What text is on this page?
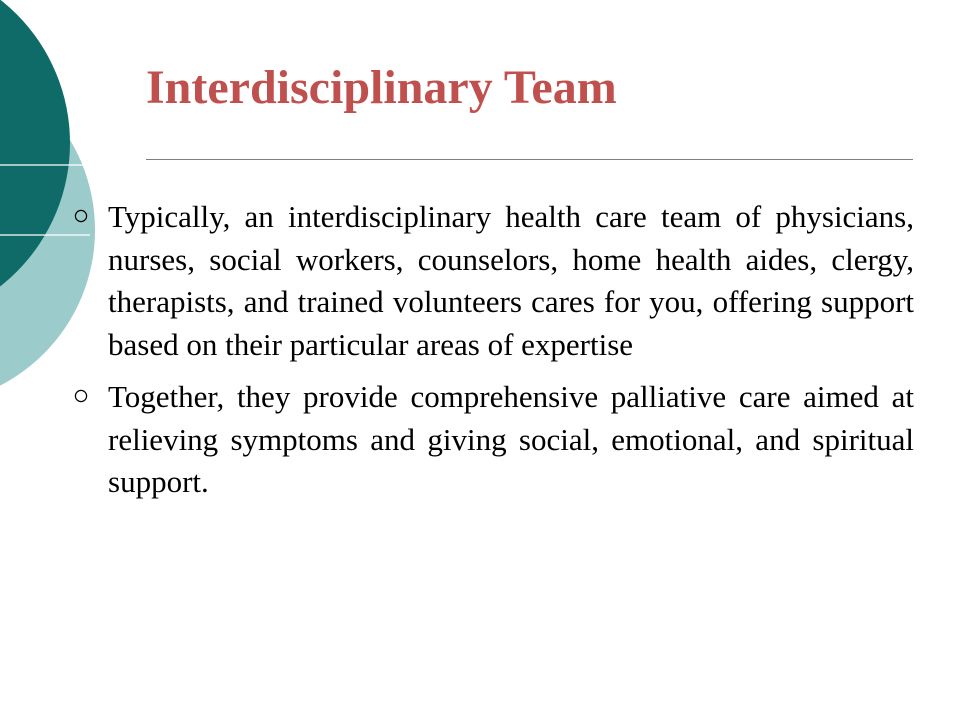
Interdisciplinary Team
Typically, an interdisciplinary health care team of physicians, nurses, social workers, counselors, home health aides, clergy, therapists, and trained volunteers cares for you, offering support based on their particular areas of expertise
Together, they provide comprehensive palliative care aimed at relieving symptoms and giving social, emotional, and spiritual support.
